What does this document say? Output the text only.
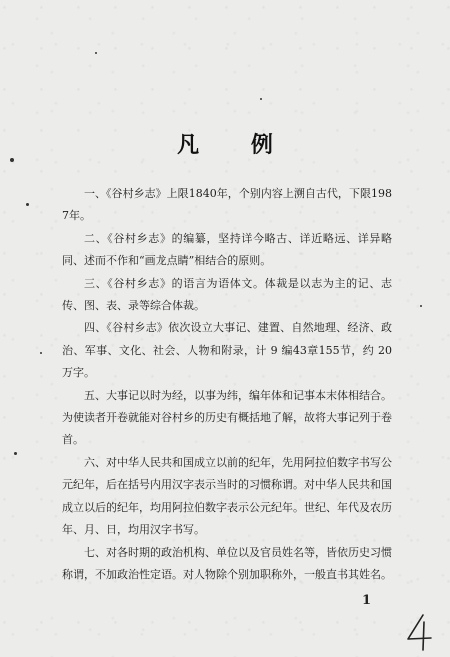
凡 例

一、《谷村乡志》上限1840年，个别内容上溯自古代，下限1987年。

二、《谷村乡志》的编纂，坚持详今略古、详近略远、详异略同、述而不作和“画龙点睛”相结合的原则。

三、《谷村乡志》的语言为语体文。体裁是以志为主的记、志传、图、表、录等综合体裁。

四、《谷村乡志》依次设立大事记、建置、自然地理、经济、政治、军事、文化、社会、人物和附录，计 9 编43章155节，约 20万字。

五、大事记以时为经，以事为纬，编年体和记事本末体相结合。为使读者开卷就能对谷村乡的历史有概括地了解，故将大事记列于卷首。

六、对中华人民共和国成立以前的纪年，先用阿拉伯数字书写公元纪年，后在括号内用汉字表示当时的习惯称谓。对中华人民共和国成立以后的纪年，均用阿拉伯数字表示公元纪年。世纪、年代及农历年、月、日，均用汉字书写。

七、对各时期的政治机构、单位以及官员姓名等，皆依历史习惯称谓，不加政治性定语。对人物除个别加职称外，一般直书其姓名。

1
